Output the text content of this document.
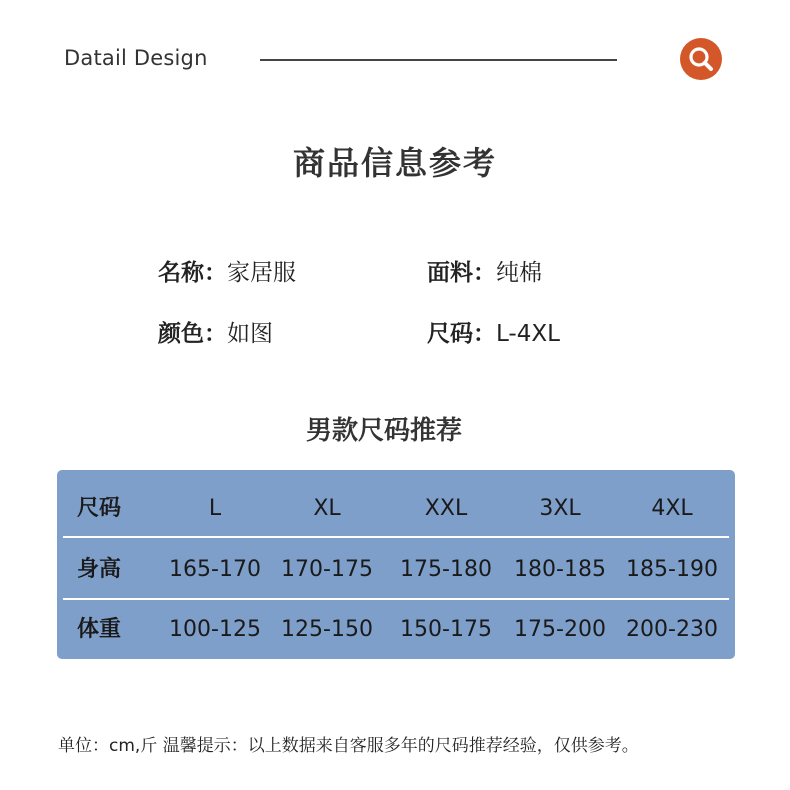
Datail Design
商品信息参考
名称：家居服	面料：纯棉
颜色：如图	尺码：L-4XL
男款尺码推荐
尺码	L	XL	XXL	3XL	4XL
身高	165-170 170-175 175-180 180-185 185-190
体重	100-125 125-150 150-175 175-200 200-230
单位：cm,斤 温馨提示：以上数据来自客服多年的尺码推荐经验，仅供参考。
